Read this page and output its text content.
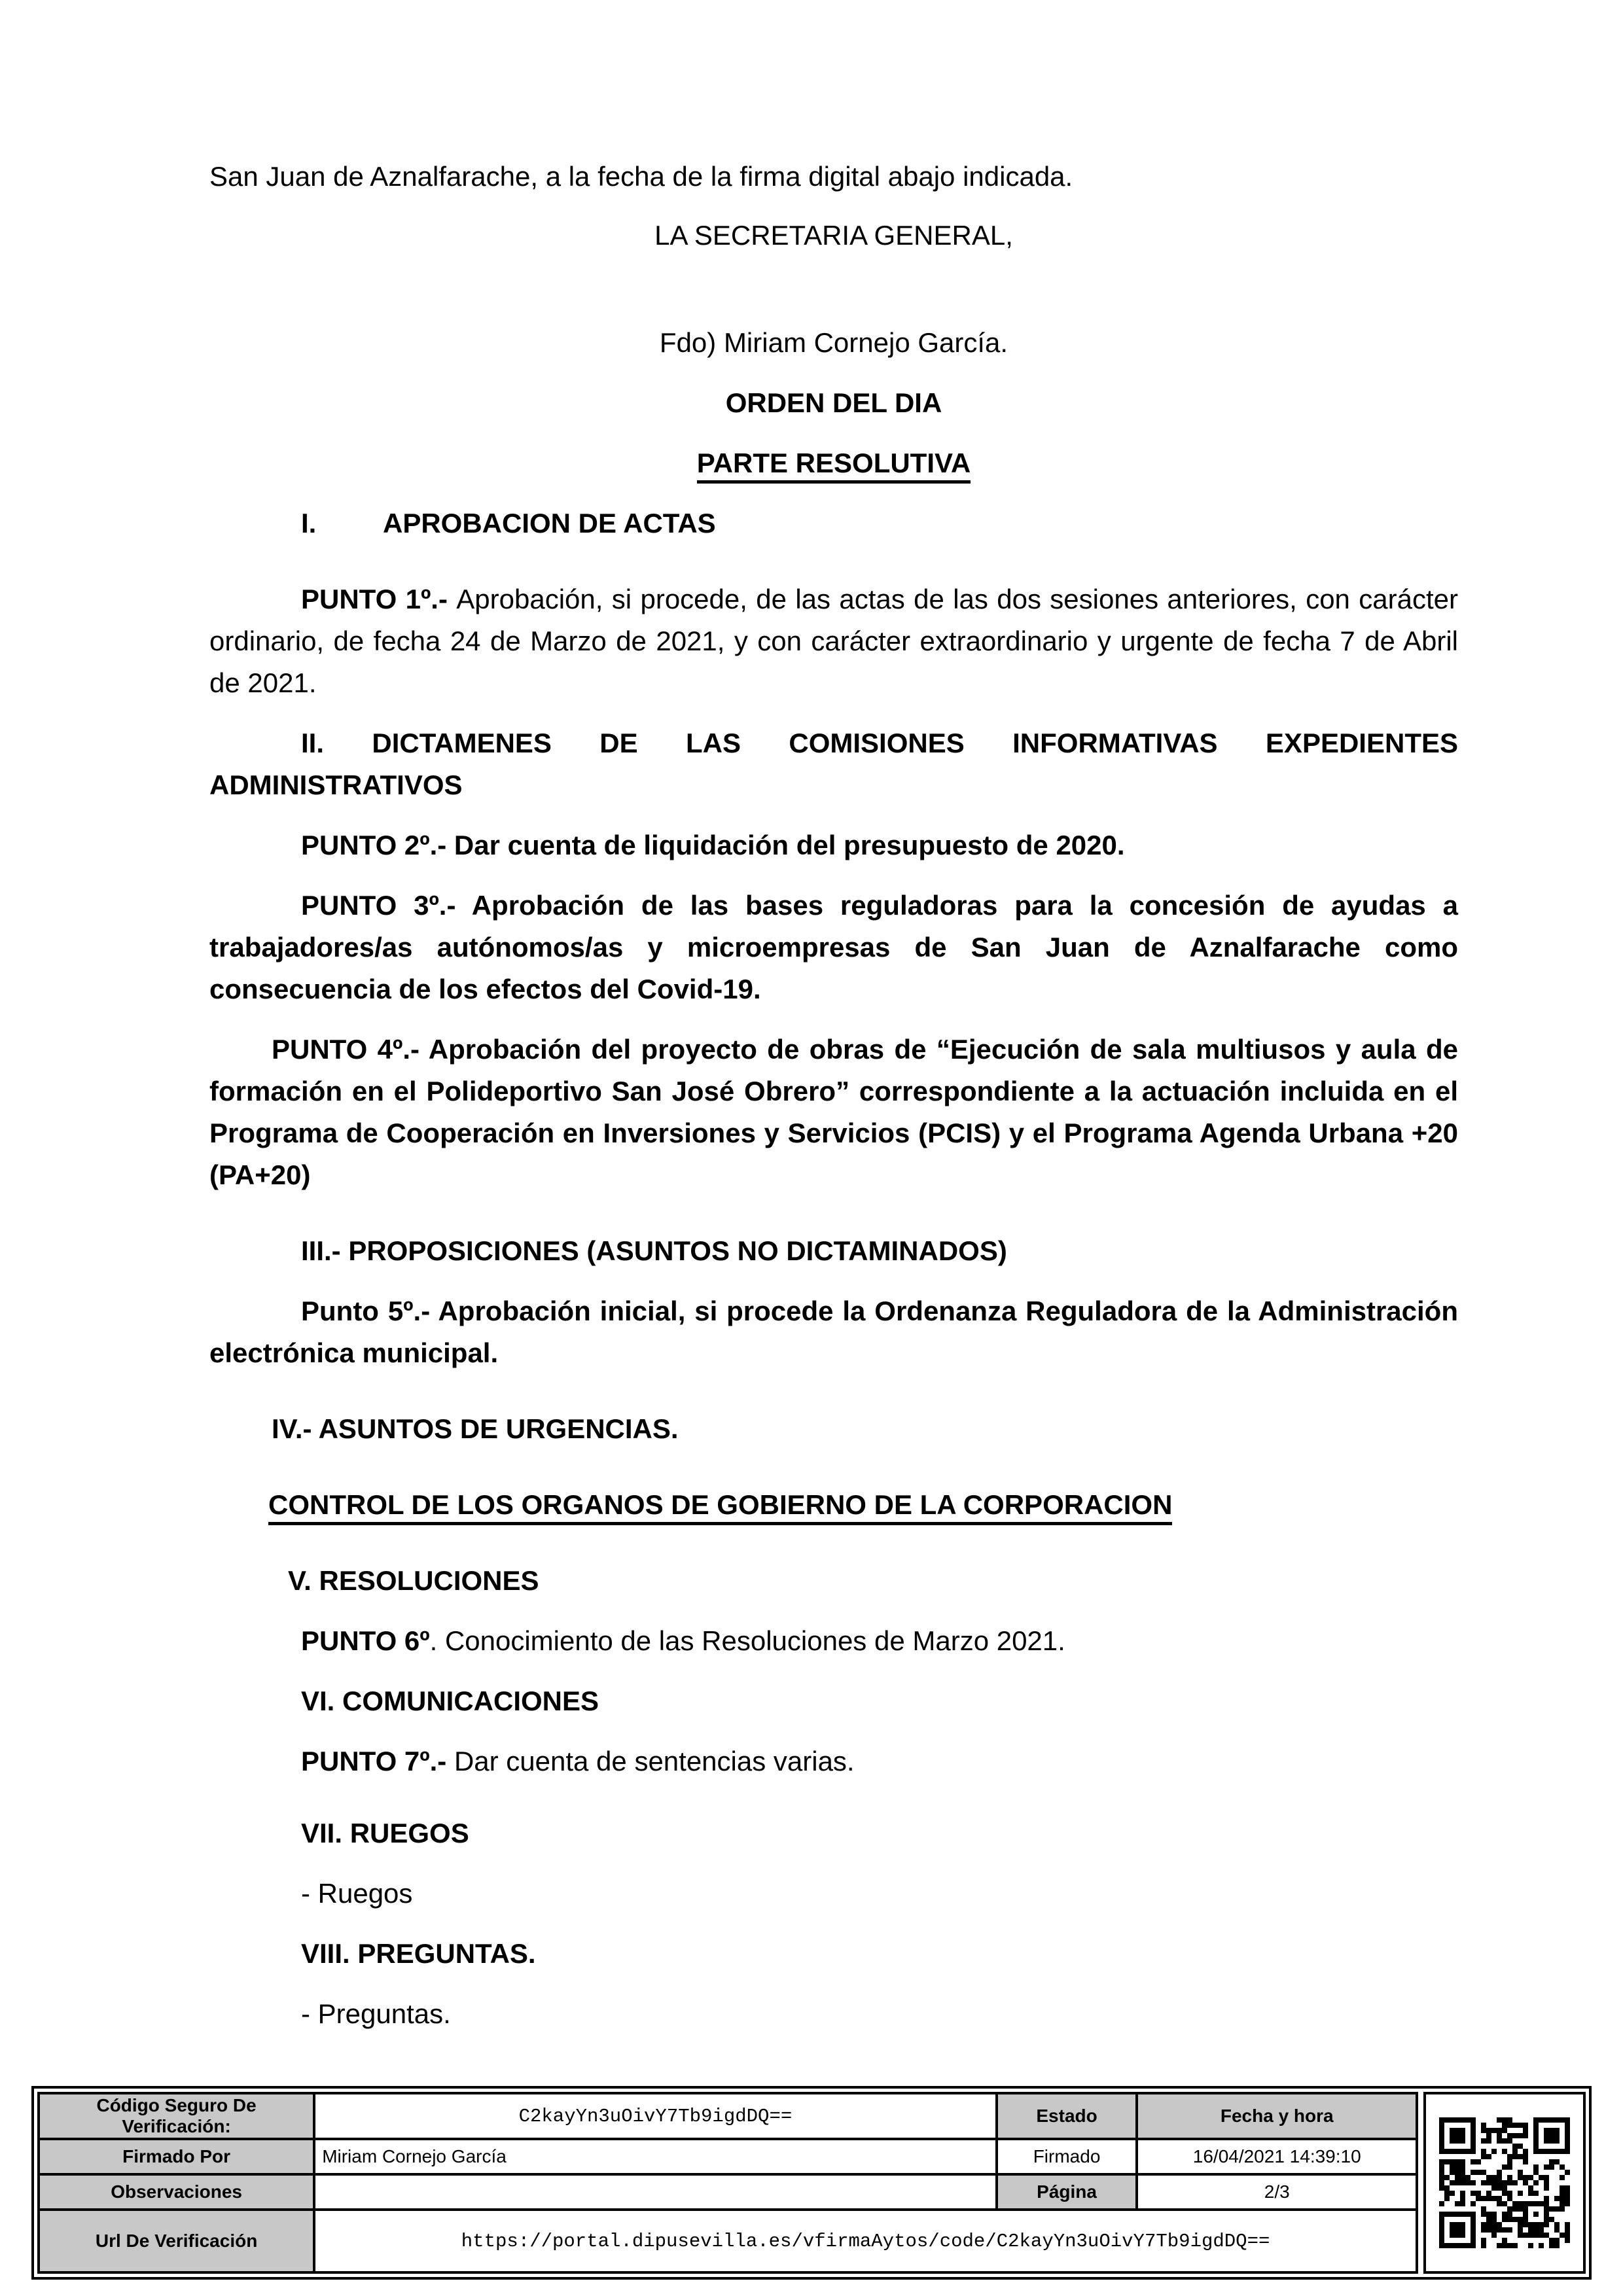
San Juan de Aznalfarache, a la fecha de la firma digital abajo indicada.

LA SECRETARIA GENERAL,

Fdo) Miriam Cornejo García.

ORDEN DEL DIA

PARTE RESOLUTIVA

I. APROBACION DE ACTAS

PUNTO 1º.- Aprobación, si procede, de las actas de las dos sesiones anteriores, con carácter ordinario, de fecha 24 de Marzo de 2021, y con carácter extraordinario y urgente de fecha 7 de Abril de 2021.

II. DICTAMENES DE LAS COMISIONES INFORMATIVAS EXPEDIENTES ADMINISTRATIVOS

PUNTO 2º.- Dar cuenta de liquidación del presupuesto de 2020.

PUNTO 3º.- Aprobación de las bases reguladoras para la concesión de ayudas a trabajadores/as autónomos/as y microempresas de San Juan de Aznalfarache como consecuencia de los efectos del Covid-19.

PUNTO 4º.- Aprobación del proyecto de obras de “Ejecución de sala multiusos y aula de formación en el Polideportivo San José Obrero” correspondiente a la actuación incluida en el Programa de Cooperación en Inversiones y Servicios (PCIS) y el Programa Agenda Urbana +20 (PA+20)

III.- PROPOSICIONES (ASUNTOS NO DICTAMINADOS)

Punto 5º.- Aprobación inicial, si procede la Ordenanza Reguladora de la Administración electrónica municipal.

IV.- ASUNTOS DE URGENCIAS.

CONTROL DE LOS ORGANOS DE GOBIERNO DE LA CORPORACION

V. RESOLUCIONES

PUNTO 6º. Conocimiento de las Resoluciones de Marzo 2021.

VI. COMUNICACIONES

PUNTO 7º.- Dar cuenta de sentencias varias.

VII. RUEGOS

- Ruegos

VIII. PREGUNTAS.

- Preguntas.

Código Seguro De Verificación:	C2kayYn3uOivY7Tb9igdDQ==	Estado	Fecha y hora
Firmado Por	Miriam Cornejo García	Firmado	16/04/2021 14:39:10
Observaciones		Página	2/3
Url De Verificación	https://portal.dipusevilla.es/vfirmaAytos/code/C2kayYn3uOivY7Tb9igdDQ==		
